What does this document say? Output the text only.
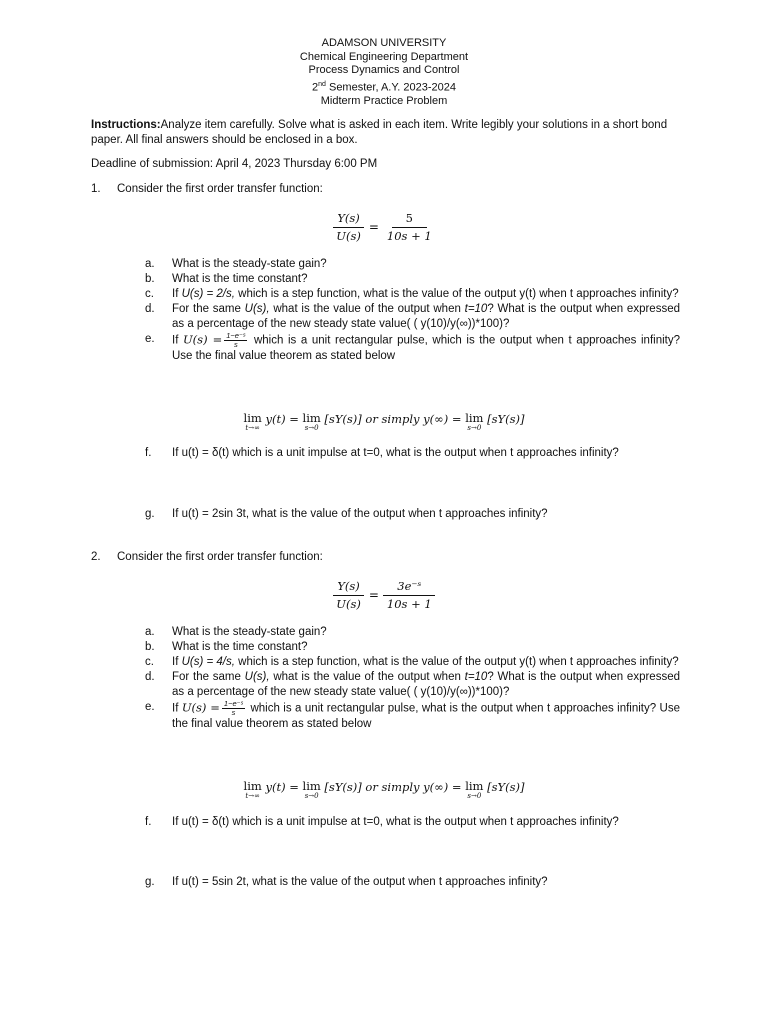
ADAMSON UNIVERSITY
Chemical Engineering Department
Process Dynamics and Control
2nd Semester, A.Y. 2023-2024
Midterm Practice Problem
Instructions:Analyze item carefully. Solve what is asked in each item. Write legibly your solutions in a short bond paper. All final answers should be enclosed in a box.
Deadline of submission: April 4, 2023 Thursday 6:00 PM
1. Consider the first order transfer function:
$\frac{Y(s)}{U(s)} = \frac{5}{10s + 1}$
a. What is the steady-state gain?
b. What is the time constant?
c. If U(s) = 2/s, which is a step function, what is the value of the output y(t) when t approaches infinity?
d. For the same U(s), what is the value of the output when t=10? What is the output when expressed as a percentage of the new steady state value( ( y(10)/y(∞))*100)?
e. If $U(s) = \frac{\text{1−e⁻ˢ}}{s}$ which is a unit rectangular pulse, which is the output when t approaches infinity? Use the final value theorem as stated below
lim
t→∞
y(t) = lim
s→0
[sY(s)] or simply y(∞) = lim
s→0
[sY(s)]
f. If u(t) = δ(t) which is a unit impulse at t=0, what is the output when t approaches infinity?
g. If u(t) = 2sin 3t, what is the value of the output when t approaches infinity?
2. Consider the first order transfer function:
$\frac{Y(s)}{U(s)} = \frac{\text{3e⁻ˢ}}{10s + 1}$
a. What is the steady-state gain?
b. What is the time constant?
c. If U(s) = 4/s, which is a step function, what is the value of the output y(t) when t approaches infinity?
d. For the same U(s), what is the value of the output when t=10? What is the output when expressed as a percentage of the new steady state value( ( y(10)/y(∞))*100)?
e. If $U(s) = \frac{\text{1−e⁻ˢ}}{s}$ which is a unit rectangular pulse, what is the output when t approaches infinity? Use the final value theorem as stated below
lim
t→∞
y(t) = lim
s→0
[sY(s)] or simply y(∞) = lim
s→0
[sY(s)]
f. If u(t) = δ(t) which is a unit impulse at t=0, what is the output when t approaches infinity?
g. If u(t) = 5sin 2t, what is the value of the output when t approaches infinity?
